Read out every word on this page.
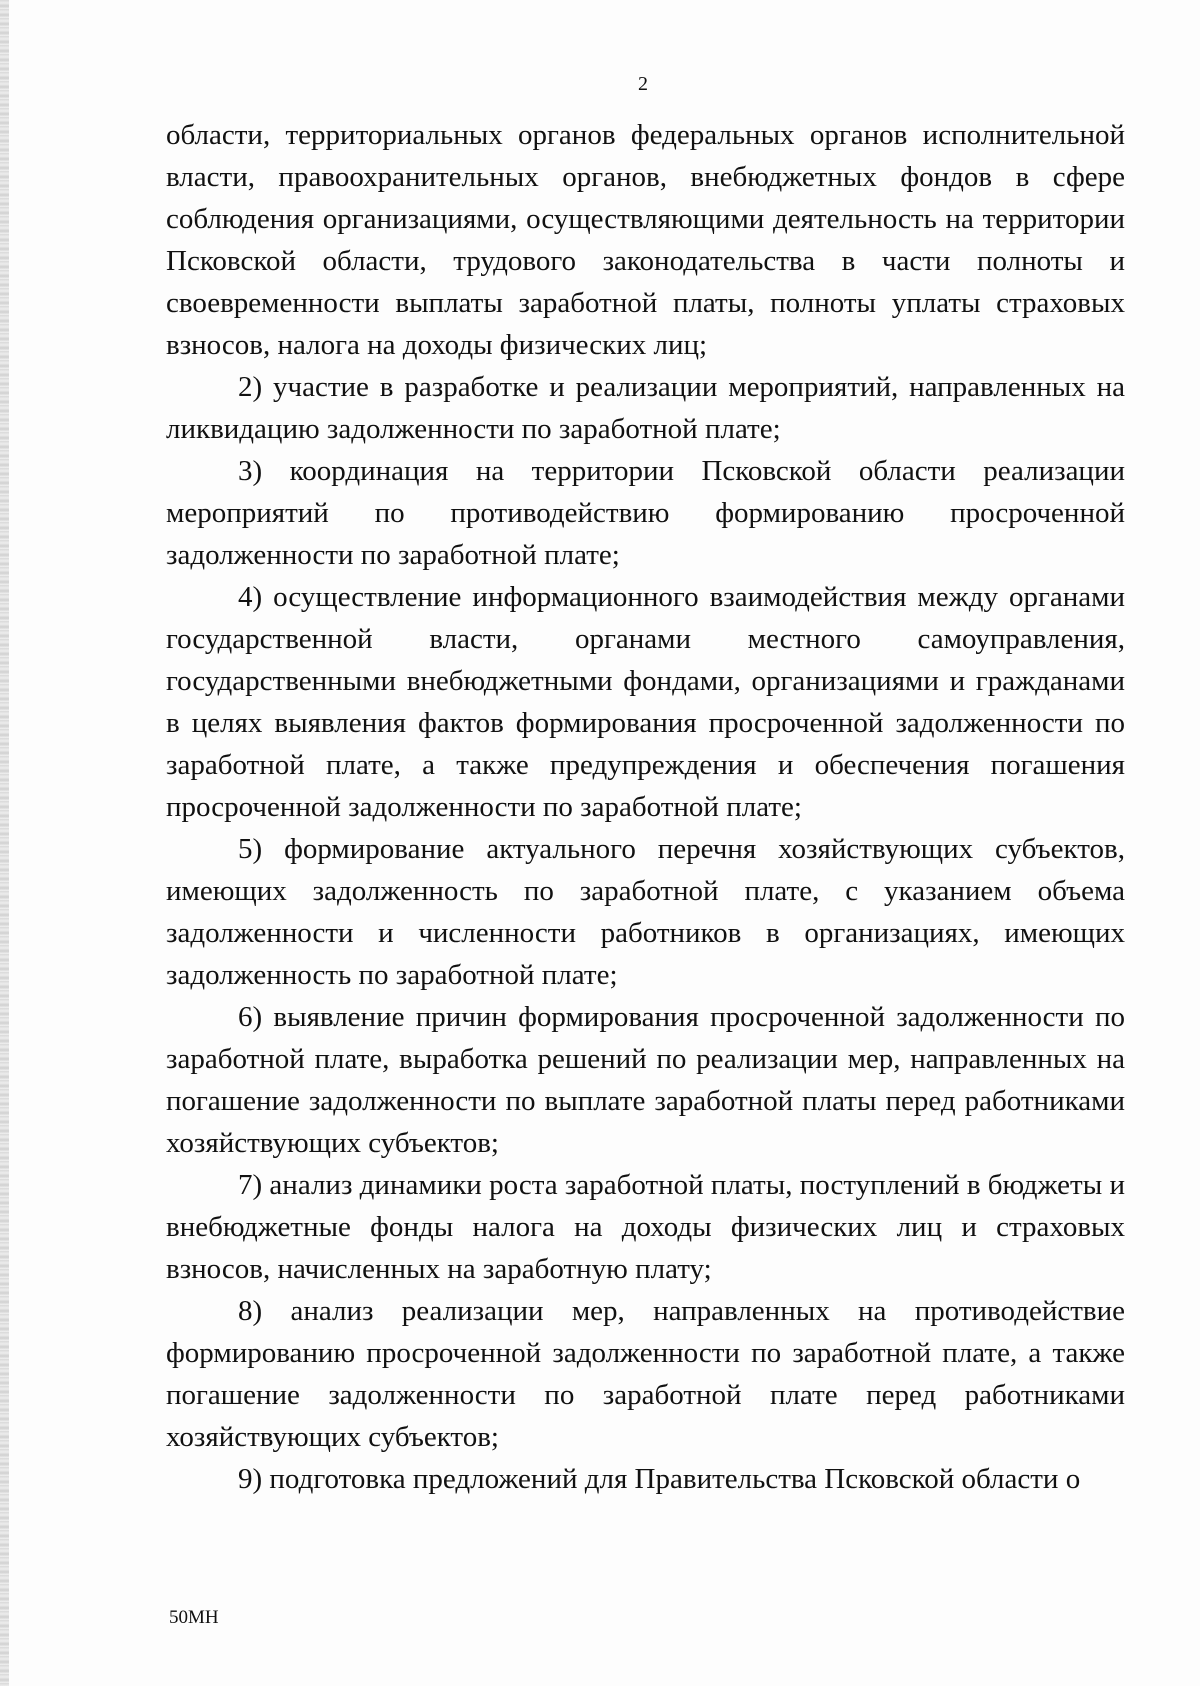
2

области, территориальных органов федеральных органов исполнительной власти, правоохранительных органов, внебюджетных фондов в сфере соблюдения организациями, осуществляющими деятельность на территории Псковской области, трудового законодательства в части полноты и своевременности выплаты заработной платы, полноты уплаты страховых взносов, налога на доходы физических лиц;

2) участие в разработке и реализации мероприятий, направленных на ликвидацию задолженности по заработной плате;

3) координация на территории Псковской области реализации мероприятий по противодействию формированию просроченной задолженности по заработной плате;

4) осуществление информационного взаимодействия между органами государственной власти, органами местного самоуправления, государственными внебюджетными фондами, организациями и гражданами в целях выявления фактов формирования просроченной задолженности по заработной плате, а также предупреждения и обеспечения погашения просроченной задолженности по заработной плате;

5) формирование актуального перечня хозяйствующих субъектов, имеющих задолженность по заработной плате, с указанием объема задолженности и численности работников в организациях, имеющих задолженность по заработной плате;

6) выявление причин формирования просроченной задолженности по заработной плате, выработка решений по реализации мер, направленных на погашение задолженности по выплате заработной платы перед работниками хозяйствующих субъектов;

7) анализ динамики роста заработной платы, поступлений в бюджеты и внебюджетные фонды налога на доходы физических лиц и страховых взносов, начисленных на заработную плату;

8) анализ реализации мер, направленных на противодействие формированию просроченной задолженности по заработной плате, а также погашение задолженности по заработной плате перед работниками хозяйствующих субъектов;

9) подготовка предложений для Правительства Псковской области о

50MH
